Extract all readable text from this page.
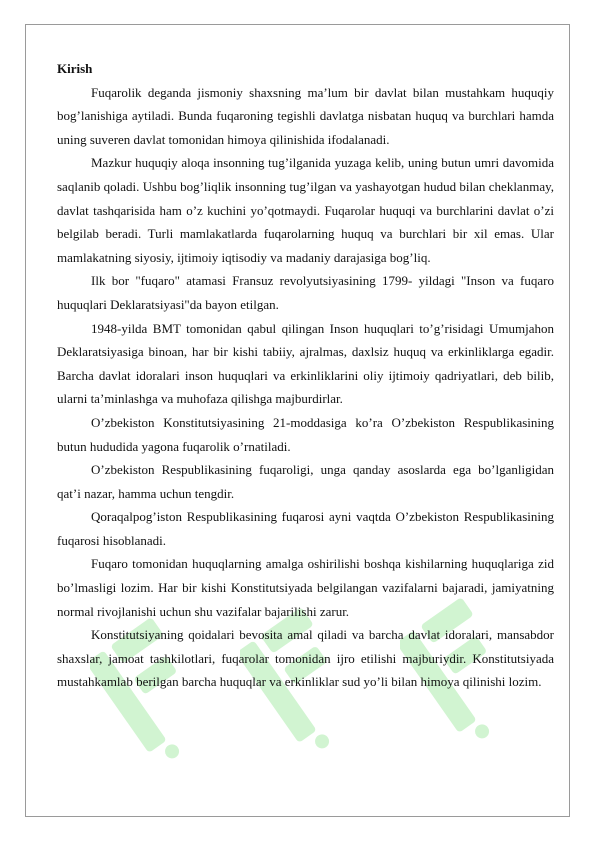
Kirish

Fuqarolik deganda jismoniy shaxsning ma’lum bir davlat bilan mustahkam huquqiy bog’lanishiga aytiladi. Bunda fuqaroning tegishli davlatga nisbatan huquq va burchlari hamda uning suveren davlat tomonidan himoya qilinishida ifodalanadi.

Mazkur huquqiy aloqa insonning tug’ilganida yuzaga kelib, uning butun umri davomida saqlanib qoladi. Ushbu bog’liqlik insonning tug’ilgan va yashayotgan hudud bilan cheklanmay, davlat tashqarisida ham o’z kuchini yo’qotmaydi. Fuqarolar huquqi va burchlarini davlat o’zi belgilab beradi. Turli mamlakatlarda fuqarolarning huquq va burchlari bir xil emas. Ular mamlakatning siyosiy, ijtimoiy iqtisodiy va madaniy darajasiga bog’liq.

Ilk bor "fuqaro" atamasi Fransuz revolyutsiyasining 1799- yildagi "Inson va fuqaro huquqlari Deklaratsiyasi"da bayon etilgan.

1948-yilda BMT tomonidan qabul qilingan Inson huquqlari to’g’risidagi Umumjahon Deklaratsiyasiga binoan, har bir kishi tabiiy, ajralmas, daxlsiz huquq va erkinliklarga egadir. Barcha davlat idoralari inson huquqlari va erkinliklarini oliy ijtimoiy qadriyatlari, deb bilib, ularni ta’minlashga va muhofaza qilishga majburdirlar.

O’zbekiston Konstitutsiyasining 21-moddasiga ko’ra O’zbekiston Respublikasining butun hududida yagona fuqarolik o’rnatiladi.

O’zbekiston Respublikasining fuqaroligi, unga qanday asoslarda ega bo’lganligidan qat’i nazar, hamma uchun tengdir.

Qoraqalpog’iston Respublikasining fuqarosi ayni vaqtda O’zbekiston Respublikasining fuqarosi hisoblanadi.

Fuqaro tomonidan huquqlarning amalga oshirilishi boshqa kishilarning huquqlariga zid bo’lmasligi lozim. Har bir kishi Konstitutsiyada belgilangan vazifalarni bajaradi, jamiyatning normal rivojlanishi uchun shu vazifalar bajarilishi zarur.

Konstitutsiyaning qoidalari bevosita amal qiladi va barcha davlat idoralari, mansabdor shaxslar, jamoat tashkilotlari, fuqarolar tomonidan ijro etilishi majburiydir. Konstitutsiyada mustahkamlab berilgan barcha huquqlar va erkinliklar sud yo’li bilan himoya qilinishi lozim.
